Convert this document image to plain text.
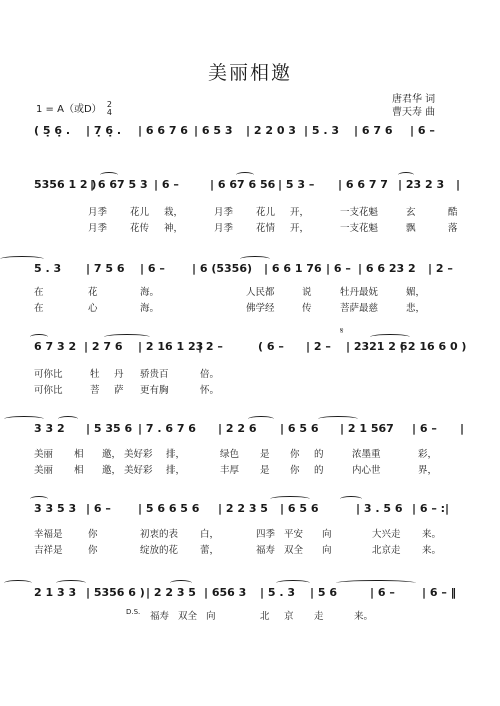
美丽相邀
唐君华 词
曹天寿 曲
1 = A（或D） 2
4
( 5̣ 6̣ . | 7̣ 6̣ . | 6 6 7 6 | 6 5 3 | 2 2 0 3 | 5 . 3 | 6 7 6 | 6 –
5356 1 2 )
| 6 67 5 3 | 6 –	| 6 67 6 56 | 5 3 – | 6 6 7 7 | 23 2 3 |
月季 花儿 栽，	月季 花儿 开，	一支花魁	玄	酷
月季 花传 神，	月季 花情 开，	一支花魁	飘	落
5 . 3 | 7 5 6 | 6 – | 6 (5356) | 6 6 1 76 | 6 – | 6 6 23 2 | 2 –
在	花	海。	人民都	说	牡丹最妩	媚，
在	心	海。	佛学经	传	菩萨最慈	悲，
𝄋
6 7 3 2 | 2 7 6 | 2 16 1 23
| 2 –	( 6 – | 2 – | 2321 2 6
| 2 16 6 0 )
可你比	牡 丹 骄贵百	倍。
可你比	菩 萨 更有胸	怀。
3 3 2 | 5 35 6 | 7 . 6 7 6 | 2 2 6 | 6 5 6 | 2 1 567 | 6 – |
美丽 相 邀， 美好彩 排，	绿色 是 你 的	浓墨重	彩，
美丽 相 邀， 美好彩 排，	丰厚 是 你 的	内心世	界，
3 3 5 3 | 6 – | 5 6 6 5 6 | 2 2 3 5 | 6 5 6	| 3 . 5 6 | 6 – :|
幸福是	你	初衷的表 白，	四季 平安 向	大兴走 来。
吉祥是	你	绽放的花 蕾，	福寿 双全 向	北京走 来。
2 1 3 3 | 5356 6 ) | 2 2 3 5 | 656 3 | 5 . 3 | 5 6	| 6 – | 6 – ‖
D.S. 福寿 双全 向	北 京 走	来。
